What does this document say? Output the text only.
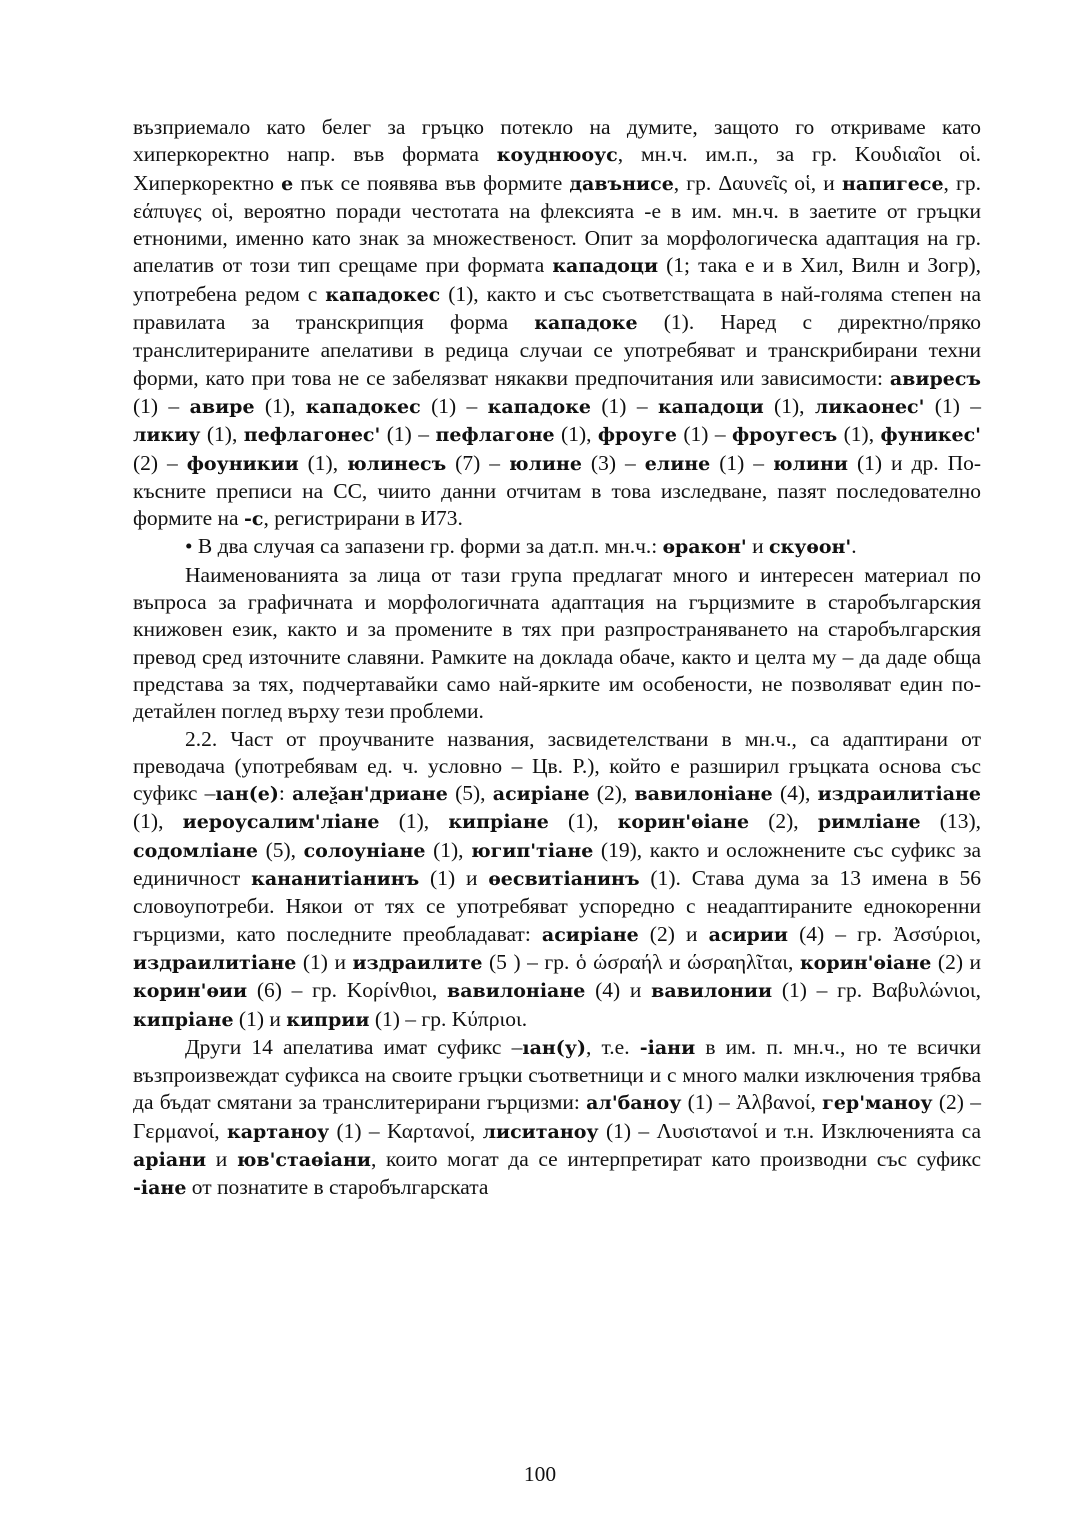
възприемало като белег за гръцко потекло на думите, защото го откриваме като хиперкоректно напр. във формата коуднюоус, мн.ч. им.п., за гр. Κουδιαῖοι οἱ. Хиперкоректно е пък се появява във формите давънисе, гр. Δαυνεῖς οἱ, и напигесе, гр. εάπυγες οἱ, вероятно поради честотата на флексията -е в им. мн.ч. в заетите от гръцки етноними, именно като знак за множественост. Опит за морфологическа адаптация на гр. апелатив от този тип срещаме при формата кападоци (1; така е и в Хил, Вилн и Зогр), употребена редом с кападокес (1), както и със съответстващата в най-голяма степен на правилата за транскрипция форма кападоке (1). Наред с директно/пряко транслитерираните апелативи в редица случаи се употребяват и транскрибирани техни форми, като при това не се забелязват някакви предпочитания или зависимости: авиресъ (1) – авире (1), кападокес (1) – кападоке (1) – кападоци (1), ликаонес' (1) – ликиу (1), пефлагонес' (1) – пефлагоне (1), фроуге (1) – фроугесъ (1), фуникес' (2) – фоуникии (1), юлинесъ (7) – юлине (3) – елине (1) – юлини (1) и др. По-късните преписи на СС, чиито данни отчитам в това изследване, пазят последователно формите на -с, регистрирани в И73.

• В два случая са запазени гр. форми за дат.п. мн.ч.: ѳракон' и скуѳон'.

Наименованията за лица от тази група предлагат много и интересен материал по въпроса за графичната и морфологичната адаптация на гърцизмите в старобългарския книжовен език, както и за промените в тях при разпространяването на старобългарския превод сред източните славяни. Рамките на доклада обаче, както и целта му – да даде обща представа за тях, подчертавайки само най-ярките им особености, не позволяват един по-детайлен поглед върху тези проблеми.

2.2. Част от проучваните названия, засвидетелствани в мн.ч., са адаптирани от преводача (употребявам ед. ч. условно – Цв. Р.), който е разширил гръцката основа със суфикс –ıан(е): алеѯан'дриане (5), асиріане (2), вавилоніане (4), издраилитіане (1), иероусалим'ліане (1), кипріане (1), корин'ѳіане (2), римліане (13), содомліане (5), солоуніане (1), югип'тіане (19), както и осложнените със суфикс за единичност кананитіанинъ (1) и ѳесвитіанинъ (1). Става дума за 13 имена в 56 словоупотреби. Някои от тях се употребяват успоредно с неадаптираните еднокоренни гърцизми, като последните преобладават: асиріане (2) и асирии (4) – гр. Ἀσσύριοι, издраилитіане (1) и издраилите (5 ) – гр. ὁ ώσραήλ и ώσραηλῖται, корин'ѳіане (2) и корин'ѳии (6) – гр. Κορίνθιοι, вавилоніане (4) и вавилонии (1) – гр. Βαβυλώνιοι, кипріане (1) и киприи (1) – гр. Κύπριοι.

Други 14 апелатива имат суфикс –ıан(у), т.е. -іани в им. п. мн.ч., но те всички възпроизвеждат суфикса на своите гръцки съответници и с много малки изключения трябва да бъдат смятани за транслитерирани гърцизми: ал'баноу (1) – Ἀλβανοί, гер'маноу (2) – Γερμανοί, картаноу (1) – Καρτανοί, лиситаноу (1) – Λυσιστανοί и т.н. Изключенията са аріани и юв'стаѳіани, които могат да се интерпретират като производни със суфикс -іане от познатите в старобългарската

100
